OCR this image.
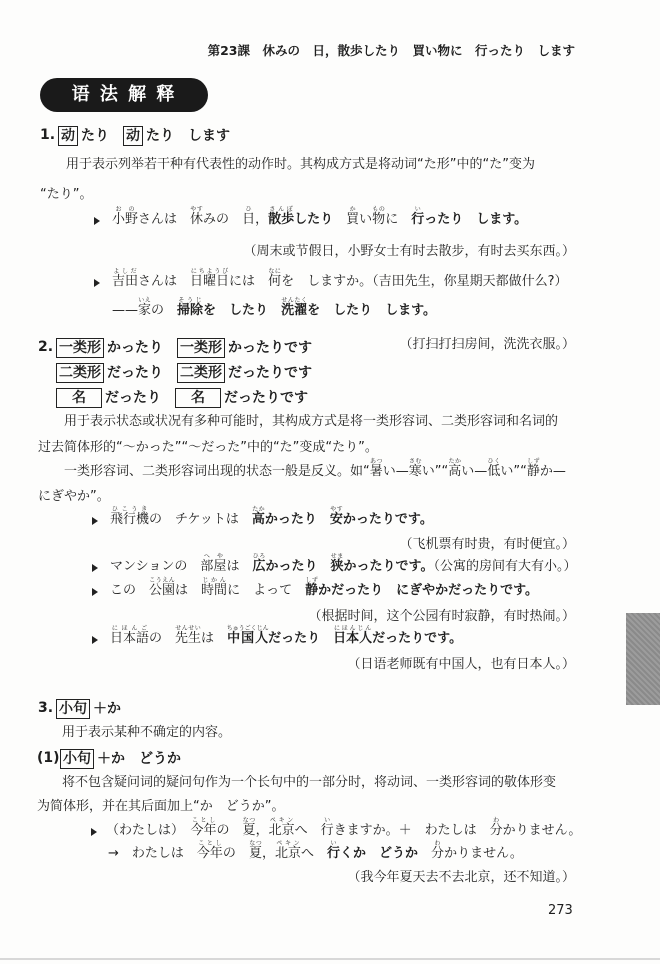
第23課　休みの　日，散歩したり　買い物に　行ったり　します
语 法 解 释
1. 动 たり　动 たり　します
用于表示列举若干种有代表性的动作时。其构成方式是将动词“た形”中的“た”变为
“たり”。
小野おのさんは　休やすみの　日ひ，散歩さんぽしたり　 買かい物ものに　行いったり　します。
（周末或节假日，小野女士有时去散步，有时去买东西。）
吉田よしださんは　日曜日にちようびには　何なにを　しますか。（吉田先生，你星期天都做什么?）
——家いえの　掃除そうじを　したり　洗濯せんたくを　したり　します。
（打扫打扫房间，洗洗衣服。）
2. 一类形 かったり　一类形 かったりです
二类形 だったり　二类形 だったりです
名 だったり　名 だったりです
用于表示状态或状况有多种可能时，其构成方式是将一类形容词、二类形容词和名词的
过去简体形的“～かった”“～だった”中的“た”变成“たり”。
一类形容词、二类形容词出现的状态一般是反义。如“暑あつい—寒さむい”“高たかい—低ひくい”“静しずか—
にぎやか”。
飛行機ひこうきの　チケットは　高たかかったり　安やすかったりです。
（飞机票有时贵，有时便宜。）
マンションの　部屋へやは　広ひろかったり　狭せまかったりです。（公寓的房间有大有小。）
この　公園こうえんは　時間じかんに　よって　静しずかだったり　にぎやかだったりです。
（根据时间，这个公园有时寂静，有时热闹。）
日本語にほんごの　先生せんせいは　中国人ちゅうごくじんだったり　日本人にほんじんだったりです。
（日语老师既有中国人，也有日本人。）
3. 小句 ＋か
用于表示某种不确定的内容。
(1) 小句 ＋か　どうか
将不包含疑问词的疑问句作为一个长句中的一部分时，将动词、一类形容词的敬体形变
为简体形，并在其后面加上“か　どうか”。
（わたしは）　今年ことしの　夏なつ，北京ペキンへ　行いきますか。＋　わたしは　分わかりません。
→　わたしは　今年ことしの　夏なつ，北京ペキンへ　行いくか　どうか　 分わかりません。
（我今年夏天去不去北京，还不知道。）
273
